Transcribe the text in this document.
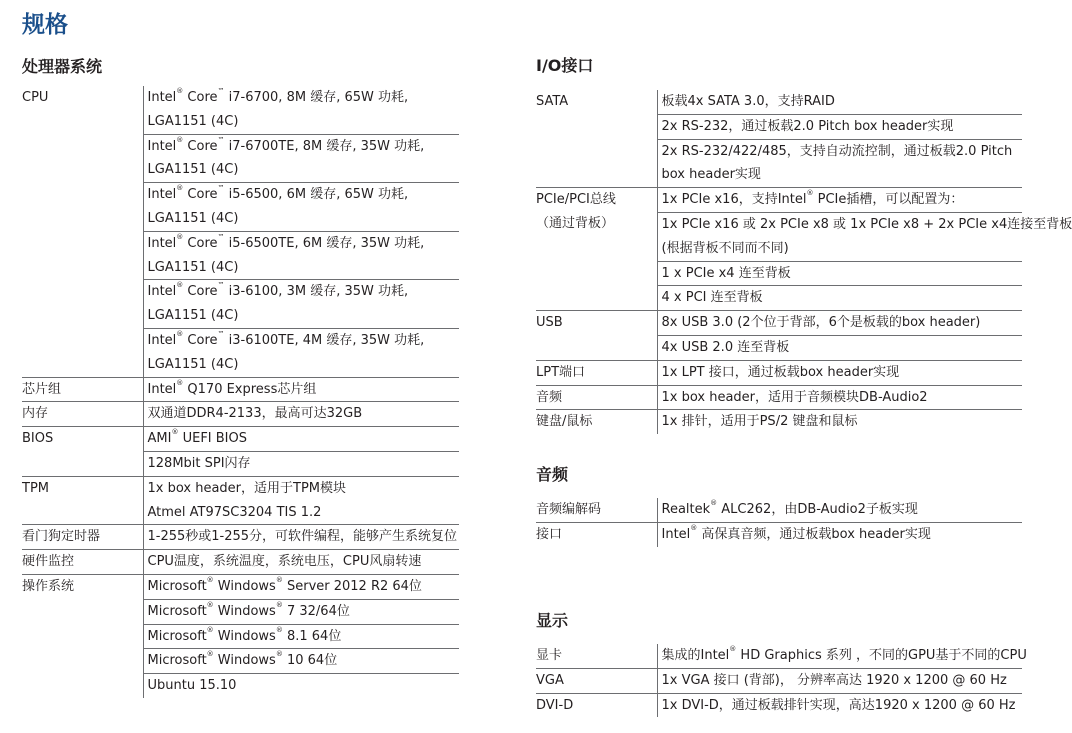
规格
处理器系统
CPU	Intel® Core™ i7-6700, 8M 缓存, 65W 功耗,
	LGA1151 (4C)
	Intel® Core™ i7-6700TE, 8M 缓存, 35W 功耗,
	LGA1151 (4C)
	Intel® Core™ i5-6500, 6M 缓存, 65W 功耗,
	LGA1151 (4C)
	Intel® Core™ i5-6500TE, 6M 缓存, 35W 功耗,
	LGA1151 (4C)
	Intel® Core™ i3-6100, 3M 缓存, 35W 功耗,
	LGA1151 (4C)
	Intel® Core™ i3-6100TE, 4M 缓存, 35W 功耗,
	LGA1151 (4C)
芯片组	Intel® Q170 Express芯片组
内存	双通道DDR4-2133，最高可达32GB
BIOS	AMI® UEFI BIOS
	128Mbit SPI闪存
TPM	1x box header，适用于TPM模块
	Atmel AT97SC3204 TIS 1.2
看门狗定时器	1-255秒或1-255分，可软件编程，能够产生系统复位
硬件监控	CPU温度，系统温度，系统电压，CPU风扇转速
操作系统	Microsoft® Windows® Server 2012 R2 64位
	Microsoft® Windows® 7 32/64位
	Microsoft® Windows® 8.1 64位
	Microsoft® Windows® 10 64位
	Ubuntu 15.10
I/O接口
SATA	板载4x SATA 3.0，支持RAID
	2x RS-232，通过板载2.0 Pitch box header实现
	2x RS-232/422/485，支持自动流控制，通过板载2.0 Pitch
	box header实现
PCIe/PCI总线	1x PCIe x16，支持Intel® PCIe插槽，可以配置为：
（通过背板）	1x PCIe x16 或 2x PCIe x8 或 1x PCIe x8 + 2x PCIe x4连接至背板
	(根据背板不同而不同)
	1 x PCIe x4 连至背板
	4 x PCI 连至背板
USB	8x USB 3.0 (2个位于背部，6个是板载的box header)
	4x USB 2.0 连至背板
LPT端口	1x LPT 接口，通过板载box header实现
音频	1x box header，适用于音频模块DB-Audio2
键盘/鼠标	1x 排针，适用于PS/2 键盘和鼠标
音频
音频编解码	Realtek® ALC262，由DB-Audio2子板实现
接口	Intel® 高保真音频，通过板载box header实现
显示
显卡	集成的Intel® HD Graphics 系列 ，不同的GPU基于不同的CPU
VGA	1x VGA 接口 (背部)， 分辨率高达 1920 x 1200 @ 60 Hz
DVI-D	1x DVI-D，通过板载排针实现，高达1920 x 1200 @ 60 Hz
